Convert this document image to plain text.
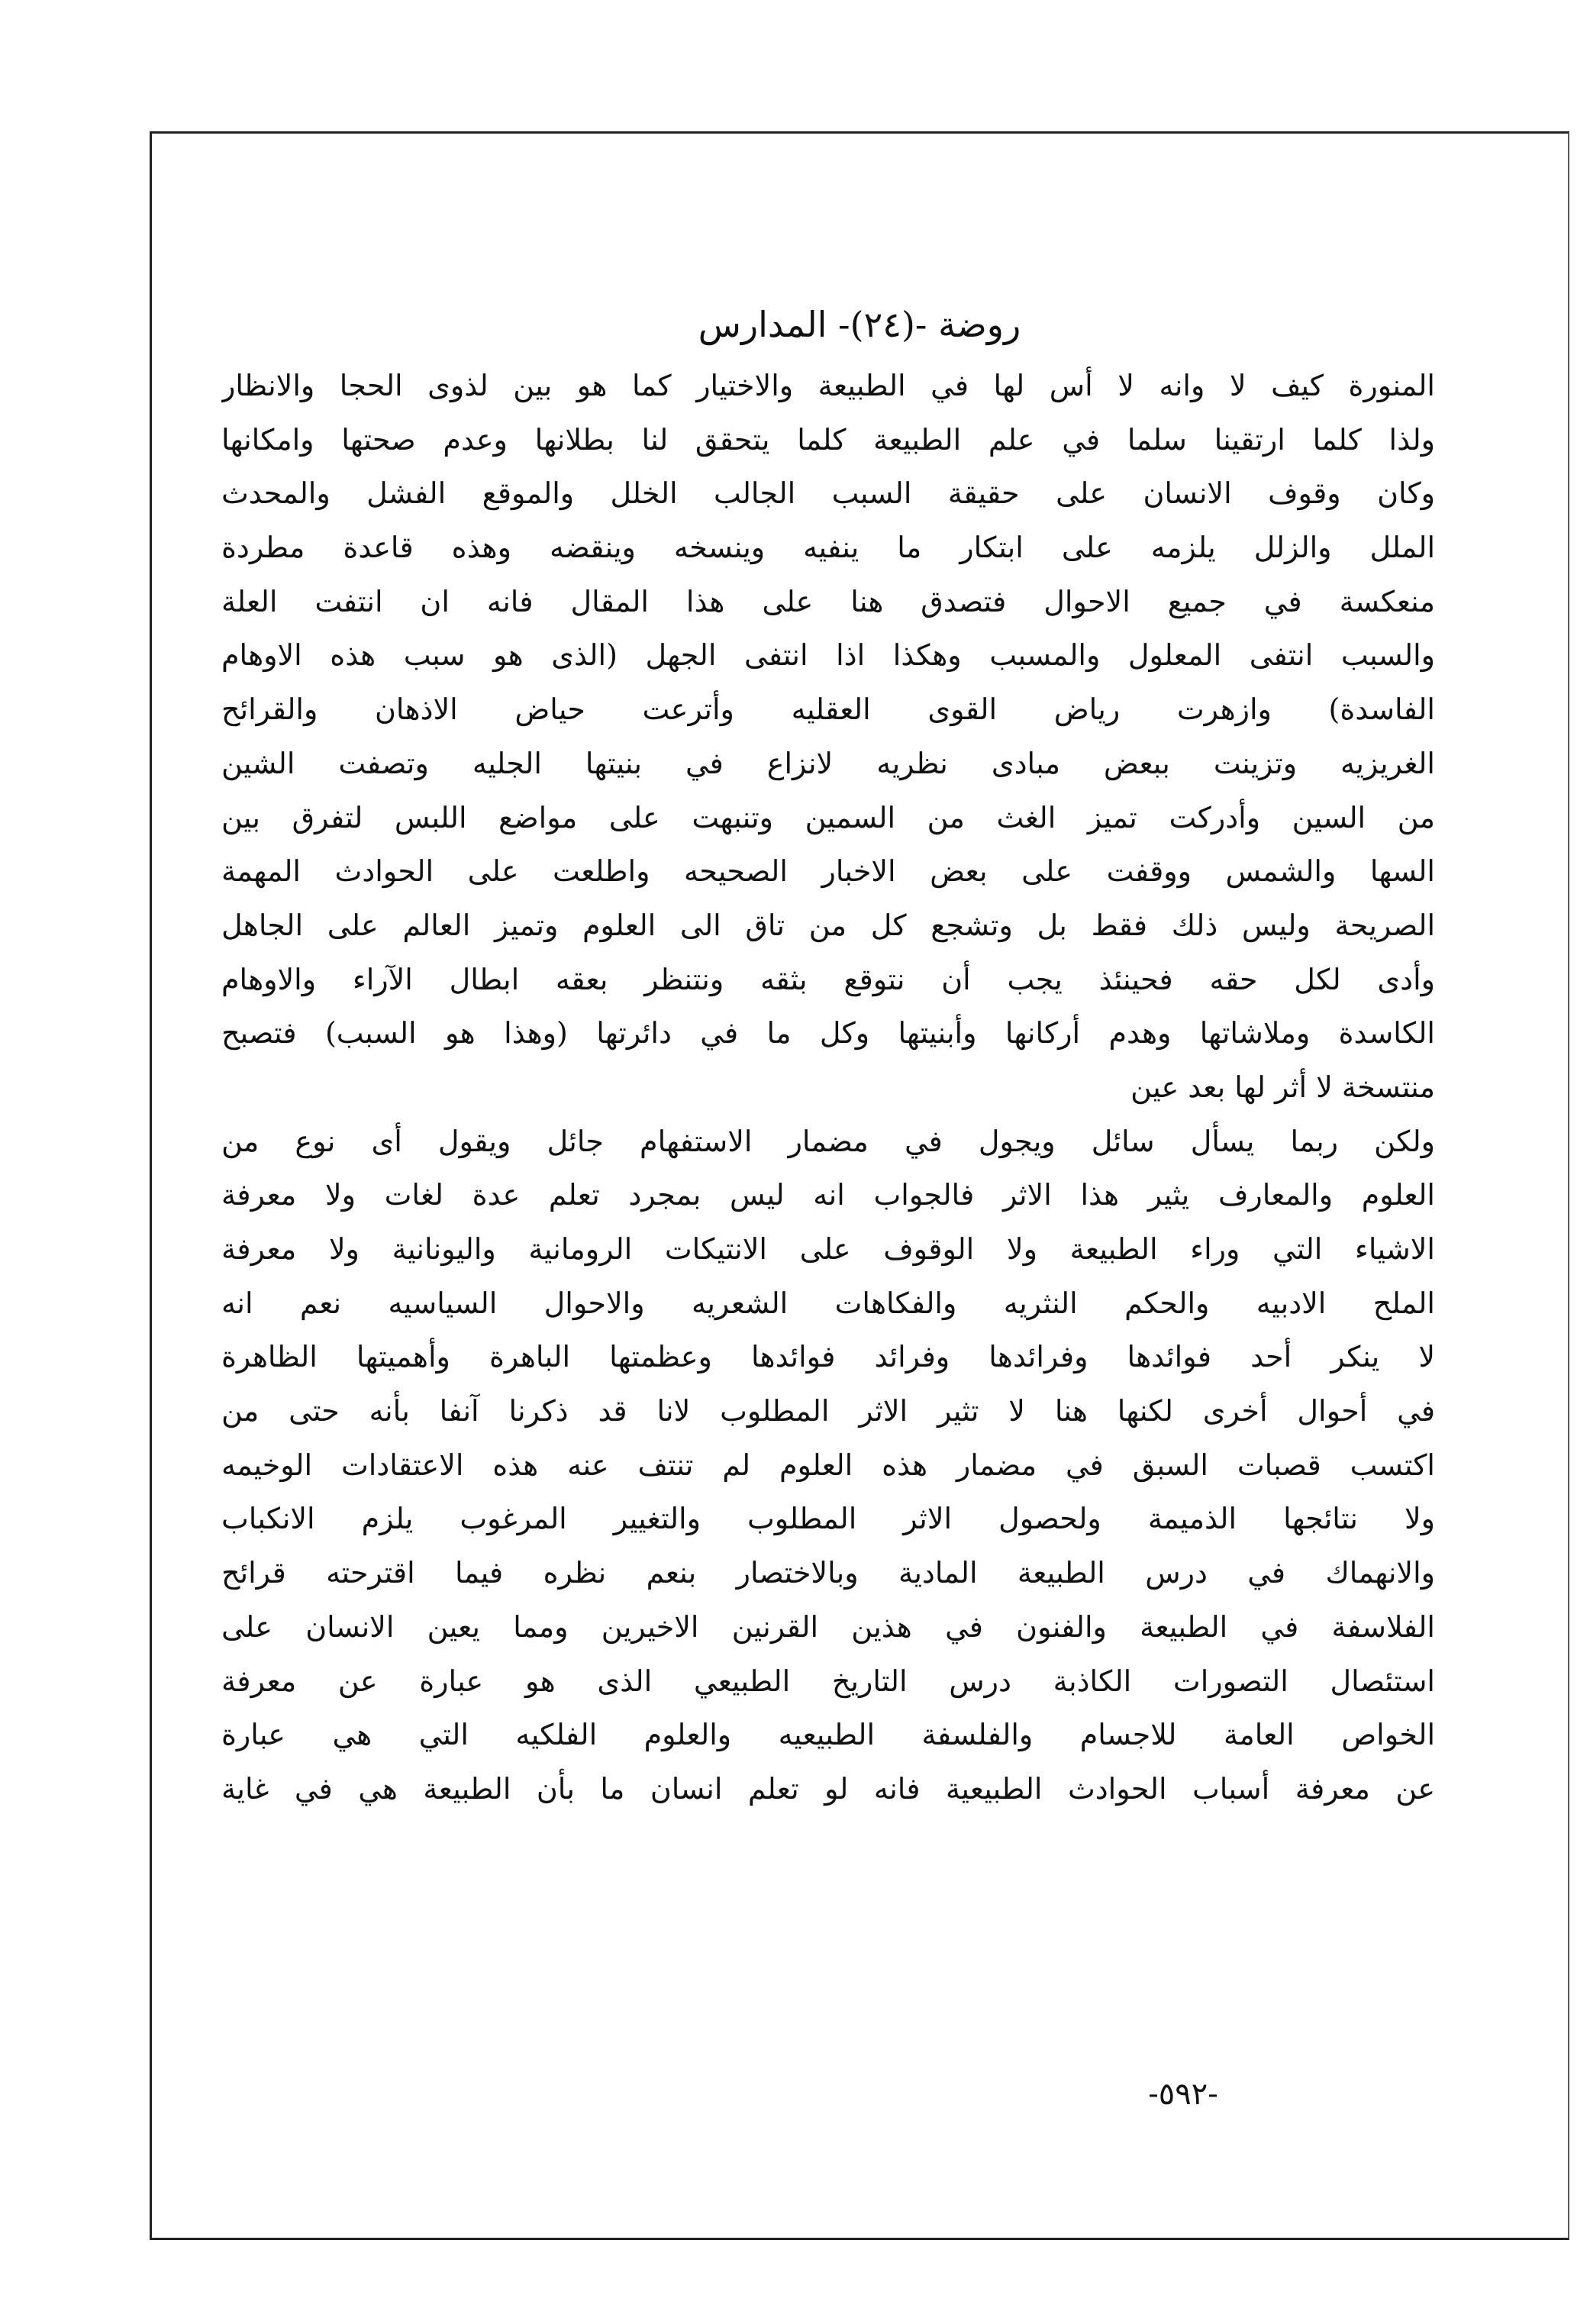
روضة -(٢٤)- المدارس
المنورة كيف لا وانه لا أس لها في الطبيعة والاختيار كما هو بين لذوى الحجا والانظار
ولذا كلما ارتقينا سلما في علم الطبيعة كلما يتحقق لنا بطلانها وعدم صحتها وامكانها
وكان وقوف الانسان على حقيقة السبب الجالب الخلل والموقع الفشل والمحدث
الملل والزلل يلزمه على ابتكار ما ينفيه وينسخه وينقضه وهذه قاعدة مطردة
منعكسة في جميع الاحوال فتصدق هنا على هذا المقال فانه ان انتفت العلة
والسبب انتفى المعلول والمسبب وهكذا اذا انتفى الجهل (الذى هو سبب هذه الاوهام
الفاسدة) وازهرت رياض القوى العقليه وأترعت حياض الاذهان والقرائح
الغريزيه وتزينت ببعض مبادى نظريه لانزاع في بنيتها الجليه وتصفت الشين
من السين وأدركت تميز الغث من السمين وتنبهت على مواضع اللبس لتفرق بين
السها والشمس ووقفت على بعض الاخبار الصحيحه واطلعت على الحوادث المهمة
الصريحة وليس ذلك فقط بل وتشجع كل من تاق الى العلوم وتميز العالم على الجاهل
وأدى لكل حقه فحينئذ يجب أن نتوقع بثقه ونتنظر بعقه ابطال الآراء والاوهام
الكاسدة وملاشاتها وهدم أركانها وأبنيتها وكل ما في دائرتها (وهذا هو السبب) فتصبح
منتسخة لا أثر لها بعد عين
ولكن ربما يسأل سائل ويجول في مضمار الاستفهام جائل ويقول أى نوع من
العلوم والمعارف يثير هذا الاثر فالجواب انه ليس بمجرد تعلم عدة لغات ولا معرفة
الاشياء التي وراء الطبيعة ولا الوقوف على الانتيكات الرومانية واليونانية ولا معرفة
الملح الادبيه والحكم النثريه والفكاهات الشعريه والاحوال السياسيه نعم انه
لا ينكر أحد فوائدها وفرائدها وفرائد فوائدها وعظمتها الباهرة وأهميتها الظاهرة
في أحوال أخرى لكنها هنا لا تثير الاثر المطلوب لانا قد ذكرنا آنفا بأنه حتى من
اكتسب قصبات السبق في مضمار هذه العلوم لم تنتف عنه هذه الاعتقادات الوخيمه
ولا نتائجها الذميمة ولحصول الاثر المطلوب والتغيير المرغوب يلزم الانكباب
والانهماك في درس الطبيعة المادية وبالاختصار بنعم نظره فيما اقترحته قرائح
الفلاسفة في الطبيعة والفنون في هذين القرنين الاخيرين ومما يعين الانسان على
استئصال التصورات الكاذبة درس التاريخ الطبيعي الذى هو عبارة عن معرفة
الخواص العامة للاجسام والفلسفة الطبيعيه والعلوم الفلكيه التي هي عبارة
عن معرفة أسباب الحوادث الطبيعية فانه لو تعلم انسان ما بأن الطبيعة هي في غاية
-٥٩٢-
